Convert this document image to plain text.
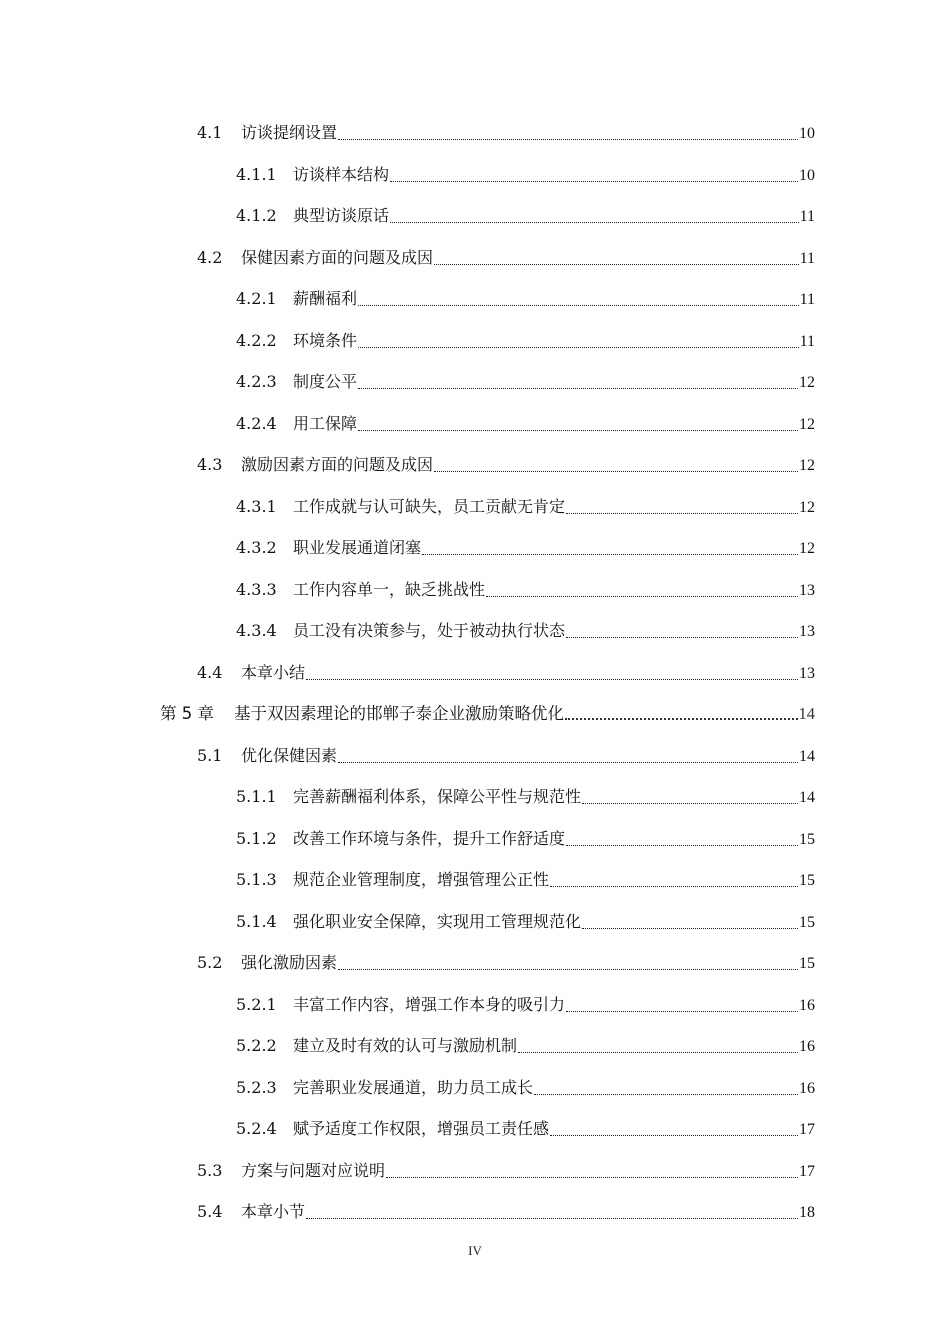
4.1	访谈提纲设置	10
4.1.1	访谈样本结构	10
4.1.2	典型访谈原话	11
4.2	保健因素方面的问题及成因	11
4.2.1	薪酬福利	11
4.2.2	环境条件	11
4.2.3	制度公平	12
4.2.4	用工保障	12
4.3	激励因素方面的问题及成因	12
4.3.1	工作成就与认可缺失，员工贡献无肯定	12
4.3.2	职业发展通道闭塞	12
4.3.3	工作内容单一，缺乏挑战性	13
4.3.4	员工没有决策参与，处于被动执行状态	13
4.4	本章小结	13
第 5 章	基于双因素理论的邯郸子泰企业激励策略优化	14
5.1	优化保健因素	14
5.1.1	完善薪酬福利体系，保障公平性与规范性	14
5.1.2	改善工作环境与条件，提升工作舒适度	15
5.1.3	规范企业管理制度，增强管理公正性	15
5.1.4	强化职业安全保障，实现用工管理规范化	15
5.2	强化激励因素	15
5.2.1	丰富工作内容，增强工作本身的吸引力	16
5.2.2	建立及时有效的认可与激励机制	16
5.2.3	完善职业发展通道，助力员工成长	16
5.2.4	赋予适度工作权限，增强员工责任感	17
5.3	方案与问题对应说明	17
5.4	本章小节	18
IV
